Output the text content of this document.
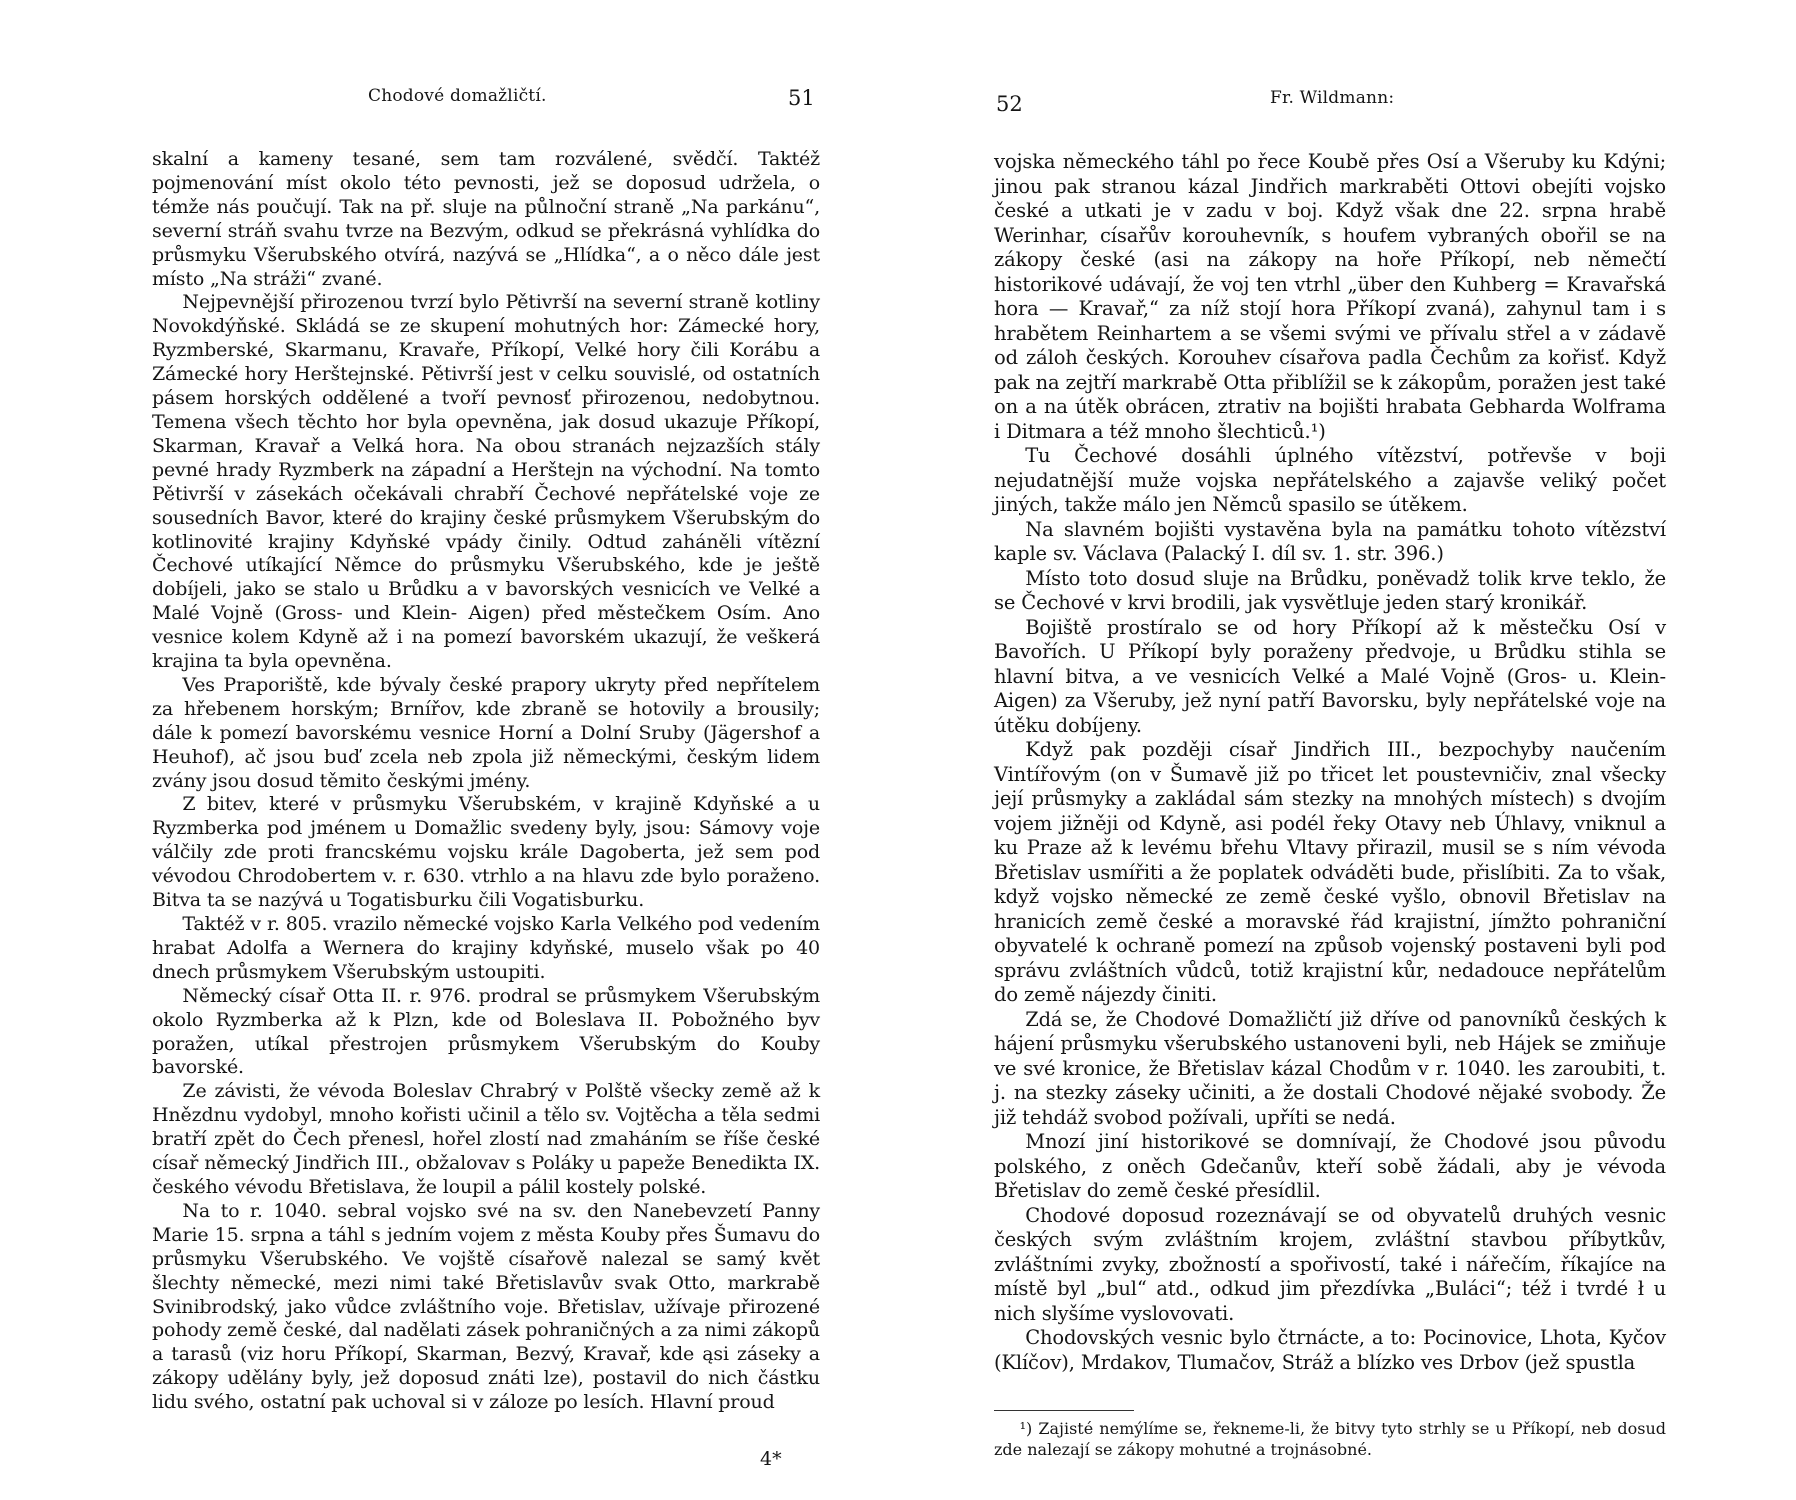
Chodové domažličtí.	51

skalní a kameny tesané, sem tam rozválené, svědčí. Taktéž pojmenování míst okolo této pevnosti, jež se doposud udržela, o témže nás poučují. Tak na př. sluje na půlnoční straně „Na parkánu“, severní stráň svahu tvrze na Bezvým, odkud se překrásná vyhlídka do průsmyku Všerubského otvírá, nazývá se „Hlídka“, a o něco dále jest místo „Na stráži“ zvané.

Nejpevnější přirozenou tvrzí bylo Pětivrší na severní straně kotliny Novokdýňské. Skládá se ze skupení mohutných hor: Zámecké hory, Ryzmberské, Skarmanu, Kravaře, Příkopí, Velké hory čili Korábu a Zámecké hory Herštejnské. Pětivrší jest v celku souvislé, od ostatních pásem horských oddělené a tvoří pevnosť přirozenou, nedobytnou. Temena všech těchto hor byla opevněna, jak dosud ukazuje Příkopí, Skarman, Kravař a Velká hora. Na obou stranách nejzazších stály pevné hrady Ryzmberk na západní a Herštejn na východní. Na tomto Pětivrší v zásekách očekávali chrabří Čechové nepřátelské voje ze sousedních Bavor, které do krajiny české průsmykem Všerubským do kotlinovité krajiny Kdyňské vpády činily. Odtud zaháněli vítězní Čechové utíkající Němce do průsmyku Všerubského, kde je ještě dobíjeli, jako se stalo u Brůdku a v bavorských vesnicích ve Velké a Malé Vojně (Gross- und Klein- Aigen) před městečkem Osím. Ano vesnice kolem Kdyně až i na pomezí bavorském ukazují, že veškerá krajina ta byla opevněna.

Ves Praporiště, kde bývaly české prapory ukryty před nepřítelem za hřebenem horským; Brnířov, kde zbraně se hotovily a brousily; dále k pomezí bavorskému vesnice Horní a Dolní Sruby (Jägershof a Heuhof), ač jsou buď zcela neb zpola již německými, českým lidem zvány jsou dosud těmito českými jmény.

Z bitev, které v průsmyku Všerubském, v krajině Kdyňské a u Ryzmberka pod jménem u Domažlic svedeny byly, jsou: Sámovy voje válčily zde proti francskému vojsku krále Dagoberta, jež sem pod vévodou Chrodobertem v. r. 630. vtrhlo a na hlavu zde bylo poraženo. Bitva ta se nazývá u Togatisburku čili Vogatisburku.

Taktéž v r. 805. vrazilo německé vojsko Karla Velkého pod vedením hrabat Adolfa a Wernera do krajiny kdyňské, muselo však po 40 dnech průsmykem Všerubským ustoupiti.

Německý císař Otta II. r. 976. prodral se průsmykem Všerubským okolo Ryzmberka až k Plzn, kde od Boleslava II. Pobožného byv poražen, utíkal přestrojen průsmykem Všerubským do Kouby bavorské.

Ze závisti, že vévoda Boleslav Chrabrý v Polště všecky země až k Hnězdnu vydobyl, mnoho kořisti učinil a tělo sv. Vojtěcha a těla sedmi bratří zpět do Čech přenesl, hořel zlostí nad zmaháním se říše české císař německý Jindřich III., obžalovav s Poláky u papeže Benedikta IX. českého vévodu Břetislava, že loupil a pálil kostely polské.

Na to r. 1040. sebral vojsko své na sv. den Nanebevzetí Panny Marie 15. srpna a táhl s jedním vojem z města Kouby přes Šumavu do průsmyku Všerubského. Ve vojště císařově nalezal se samý květ šlechty německé, mezi nimi také Břetislavův svak Otto, markrabě Svinibrodský, jako vůdce zvláštního voje. Břetislav, užívaje přirozené pohody země české, dal nadělati zásek pohraničných a za nimi zákopů a tarasů (viz horu Příkopí, Skarman, Bezvý, Kravař, kde ąsi záseky a zákopy udělány byly, jež doposud znáti lze), postavil do nich částku lidu svého, ostatní pak uchoval si v záloze po lesích. Hlavní proud

4*
52	Fr. Wildmann:

vojska německého táhl po řece Koubě přes Osí a Všeruby ku Kdýni; jinou pak stranou kázal Jindřich markraběti Ottovi obejíti vojsko české a utkati je v zadu v boj. Když však dne 22. srpna hrabě Werinhar, císařův korouhevník, s houfem vybraných obořil se na zákopy české (asi na zákopy na hoře Příkopí, neb němečtí historikové udávají, že voj ten vtrhl „über den Kuhberg = Kravařská hora — Kravař,“ za níž stojí hora Příkopí zvaná), zahynul tam i s hrabětem Reinhartem a se všemi svými ve přívalu střel a v zádavě od záloh českých. Korouhev císařova padla Čechům za kořisť. Když pak na zejtří markrabě Otta přiblížil se k zákopům, poražen jest také on a na útěk obrácen, ztrativ na bojišti hrabata Gebharda Wolframa i Ditmara a též mnoho šlechticů.¹)

Tu Čechové dosáhli úplného vítězství, potřevše v boji nejudatnější muže vojska nepřátelského a zajavše veliký počet jiných, takže málo jen Němců spasilo se útěkem.

Na slavném bojišti vystavěna byla na památku tohoto vítězství kaple sv. Václava (Palacký I. díl sv. 1. str. 396.)

Místo toto dosud sluje na Brůdku, poněvadž tolik krve teklo, že se Čechové v krvi brodili, jak vysvětluje jeden starý kronikář.

Bojiště prostíralo se od hory Příkopí až k městečku Osí v Bavořích. U Příkopí byly poraženy předvoje, u Brůdku stihla se hlavní bitva, a ve vesnicích Velké a Malé Vojně (Gros- u. Klein- Aigen) za Všeruby, jež nyní patří Bavorsku, byly nepřátelské voje na útěku dobíjeny.

Když pak později císař Jindřich III., bezpochyby naučením Vintířovým (on v Šumavě již po třicet let poustevničiv, znal všecky její průsmyky a zakládal sám stezky na mnohých místech) s dvojím vojem jižněji od Kdyně, asi podél řeky Otavy neb Úhlavy, vniknul a ku Praze až k levému břehu Vltavy přirazil, musil se s ním vévoda Břetislav usmířiti a že poplatek odváděti bude, přislíbiti. Za to však, když vojsko německé ze země české vyšlo, obnovil Břetislav na hranicích země české a moravské řád krajistní, jímžto pohraniční obyvatelé k ochraně pomezí na způsob vojenský postaveni byli pod správu zvláštních vůdců, totiž krajistní kůr, nedadouce nepřátelům do země nájezdy činiti.

Zdá se, že Chodové Domažličtí již dříve od panovníků českých k hájení průsmyku všerubského ustanoveni byli, neb Hájek se zmiňuje ve své kronice, že Břetislav kázal Chodům v r. 1040. les zaroubiti, t. j. na stezky záseky učiniti, a že dostali Chodové nějaké svobody. Že již tehdáž svobod požívali, upříti se nedá.

Mnozí jiní historikové se domnívají, že Chodové jsou původu polského, z oněch Gdečanův, kteří sobě žádali, aby je vévoda Břetislav do země české přesídlil.

Chodové doposud rozeznávají se od obyvatelů druhých vesnic českých svým zvláštním krojem, zvláštní stavbou příbytkův, zvláštními zvyky, zbožností a spořivostí, také i nářečím, říkajíce na místě byl „bul“ atd., odkud jim přezdívka „Buláci“; též i tvrdé ł u nich slyšíme vyslovovati.

Chodovských vesnic bylo čtrnácte, a to: Pocinovice, Lhota, Kyčov (Klíčov), Mrdakov, Tlumačov, Stráž a blízko ves Drbov (jež spustla

¹) Zajisté nemýlíme se, řekneme-li, že bitvy tyto strhly se u Příkopí, neb dosud zde nalezají se zákopy mohutné a trojnásobné.
